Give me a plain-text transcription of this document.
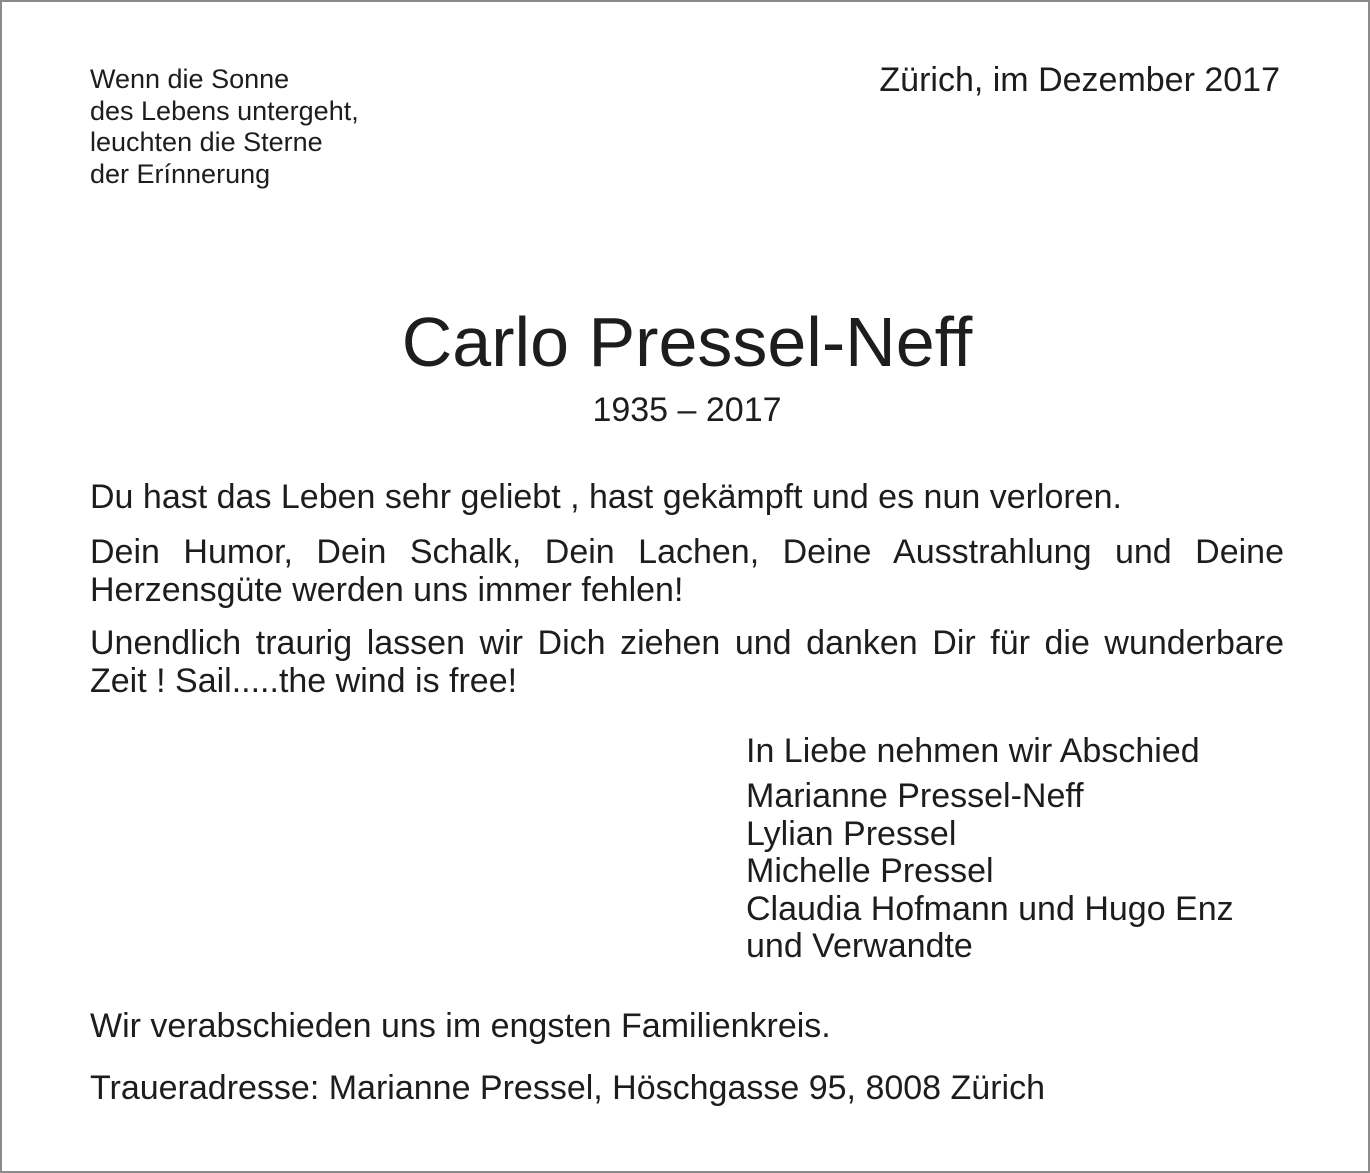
Wenn die Sonne
des Lebens untergeht,
leuchten die Sterne
der Erínnerung
Zürich, im Dezember 2017
Carlo Pressel-Neff
1935 – 2017

Du hast das Leben sehr geliebt , hast gekämpft und es nun verloren.

Dein Humor, Dein Schalk, Dein Lachen, Deine Ausstrahlung und Deine Herzensgüte werden uns immer fehlen!

Unendlich traurig lassen wir Dich ziehen und danken Dir für die wunderbare Zeit ! Sail.....the wind is free!

In Liebe nehmen wir Abschied
Marianne Pressel-Neff
Lylian Pressel
Michelle Pressel
Claudia Hofmann und Hugo Enz
und Verwandte
Wir verabschieden uns im engsten Familienkreis.
Traueradresse: Marianne Pressel, Höschgasse 95, 8008 Zürich
